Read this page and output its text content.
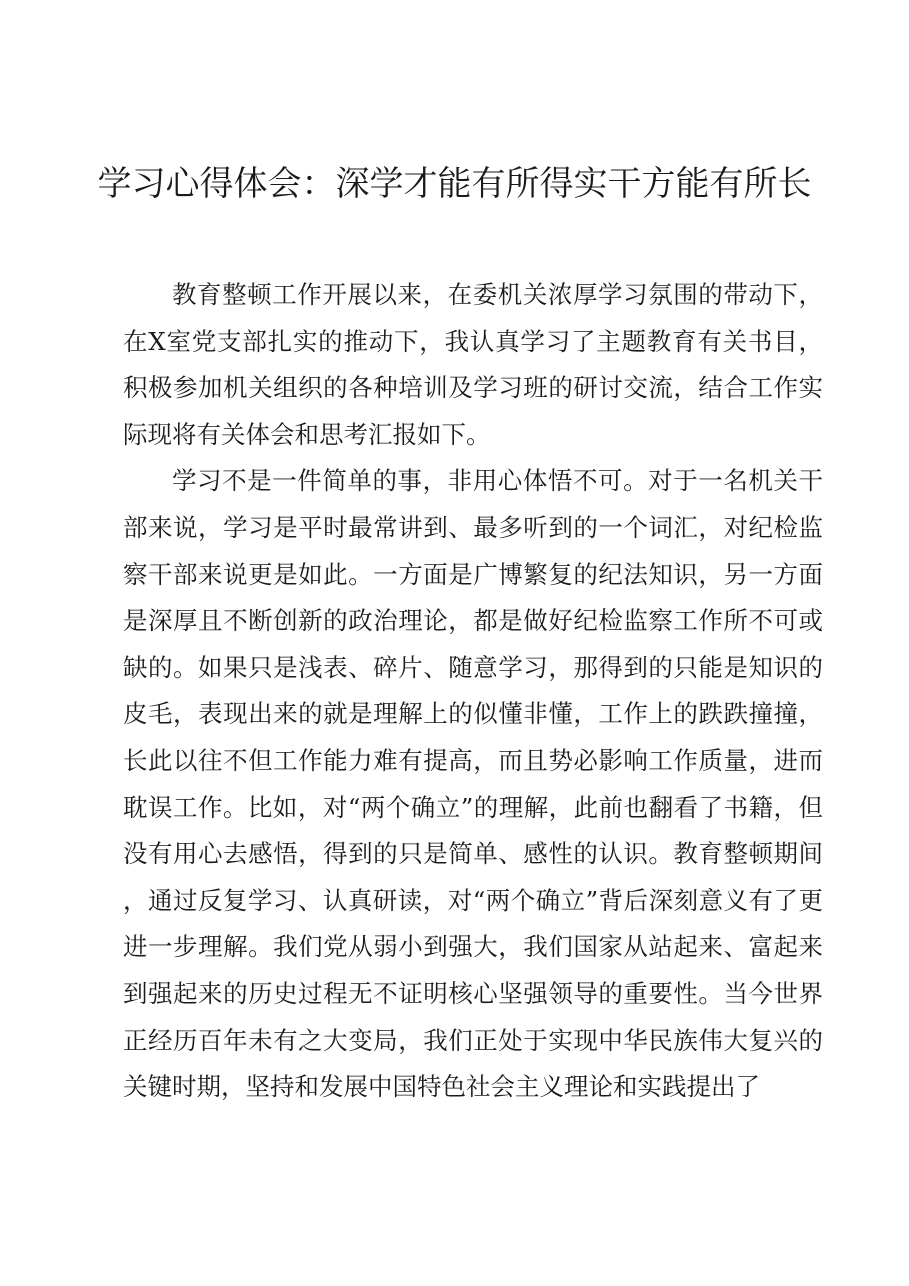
学习心得体会：深学才能有所得实干方能有所长

教育整顿工作开展以来，在委机关浓厚学习氛围的带动下，在X室党支部扎实的推动下，我认真学习了主题教育有关书目，积极参加机关组织的各种培训及学习班的研讨交流，结合工作实际现将有关体会和思考汇报如下。

学习不是一件简单的事，非用心体悟不可。对于一名机关干部来说，学习是平时最常讲到、最多听到的一个词汇，对纪检监察干部来说更是如此。一方面是广博繁复的纪法知识，另一方面是深厚且不断创新的政治理论，都是做好纪检监察工作所不可或缺的。如果只是浅表、碎片、随意学习，那得到的只能是知识的皮毛，表现出来的就是理解上的似懂非懂，工作上的跌跌撞撞，长此以往不但工作能力难有提高，而且势必影响工作质量，进而耽误工作。比如，对“两个确立”的理解，此前也翻看了书籍，但没有用心去感悟，得到的只是简单、感性的认识。教育整顿期间，通过反复学习、认真研读，对“两个确立”背后深刻意义有了更进一步理解。我们党从弱小到强大，我们国家从站起来、富起来到强起来的历史过程无不证明核心坚强领导的重要性。当今世界正经历百年未有之大变局，我们正处于实现中华民族伟大复兴的关键时期，坚持和发展中国特色社会主义理论和实践提出了
